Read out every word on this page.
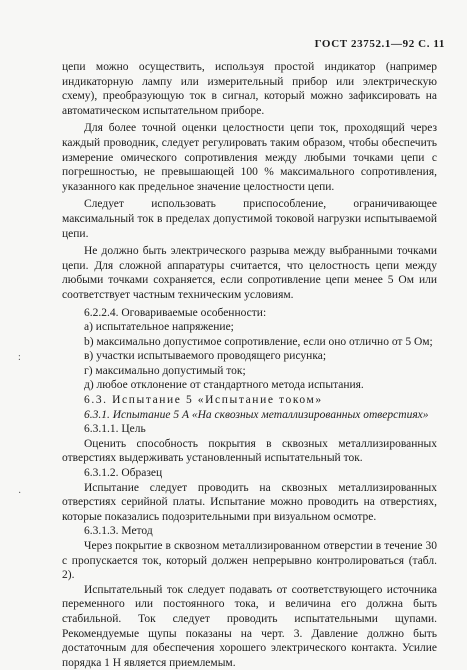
ГОСТ 23752.1—92 С. 11

цепи можно осуществить, используя простой индикатор (например индикаторную лампу или измерительный прибор или электрическую схему), преобразующую ток в сигнал, который можно зафиксировать на автоматическом испытательном приборе.

Для более точной оценки целостности цепи ток, проходящий через каждый проводник, следует регулировать таким образом, чтобы обеспечить измерение омического сопротивления между любыми точками цепи с погрешностью, не превышающей 100 % максимального сопротивления, указанного как предельное значение целостности цепи.

Следует использовать приспособление, ограничивающее максимальный ток в пределах допустимой токовой нагрузки испытываемой цепи.

Не должно быть электрического разрыва между выбранными точками цепи. Для сложной аппаратуры считается, что целостность цепи между любыми точками сохраняется, если сопротивление цепи менее 5 Ом или соответствует частным техническим условиям.

6.2.2.4. Оговариваемые особенности:

а) испытательное напряжение;

b) максимально допустимое сопротивление, если оно отлично от 5 Ом;

в) участки испытываемого проводящего рисунка;

г) максимально допустимый ток;

д) любое отклонение от стандартного метода испытания.

6.3. Испытание 5 «Испытание током»

6.3.1. Испытание 5 А «На сквозных металлизированных отверстиях»

6.3.1.1. Цель

Оценить способность покрытия в сквозных металлизированных отверстиях выдерживать установленный испытательный ток.

6.3.1.2. Образец

Испытание следует проводить на сквозных металлизированных отверстиях серийной платы. Испытание можно проводить на отверстиях, которые показались подозрительными при визуальном осмотре.

6.3.1.3. Метод

Через покрытие в сквозном металлизированном отверстии в течение 30 с пропускается ток, который должен непрерывно контролироваться (табл. 2).

Испытательный ток следует подавать от соответствующего источника переменного или постоянного тока, и величина его должна быть стабильной. Ток следует проводить испытательными щупами. Рекомендуемые щупы показаны на черт. 3. Давление должно быть достаточным для обеспечения хорошего электрического контакта. Усилие порядка 1 Н является приемлемым.

:
·
